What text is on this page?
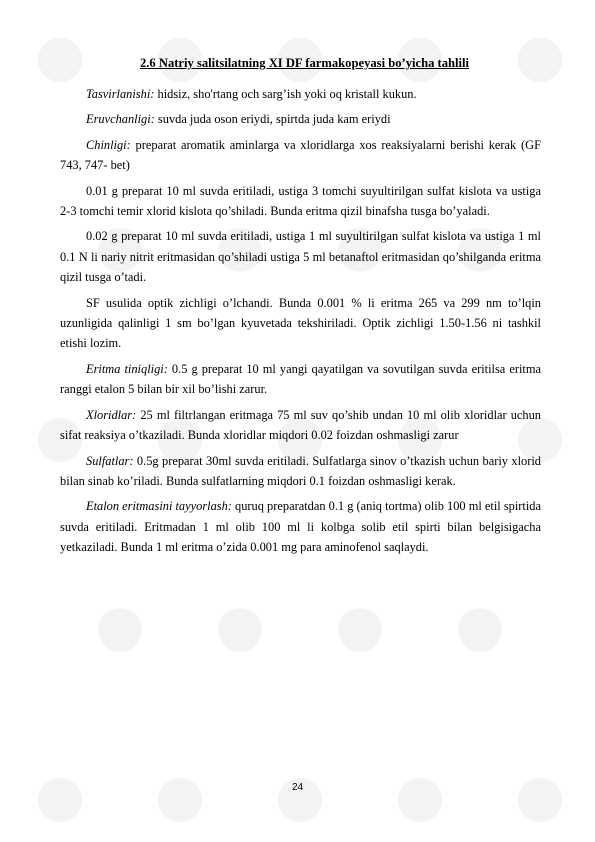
2.6 Natriy salitsilatning XI DF farmakopeyasi bo’yicha tahlili

Tasvirlanishi: hidsiz, sho'rtang och sarg’ish yoki oq kristall kukun.

Eruvchanligi: suvda juda oson eriydi, spirtda juda kam eriydi

Chinligi: preparat aromatik aminlarga va xloridlarga xos reaksiyalarni berishi kerak (GF 743, 747- bet)

0.01 g preparat 10 ml suvda eritiladi, ustiga 3 tomchi suyultirilgan sulfat kislota va ustiga 2-3 tomchi temir xlorid kislota qo’shiladi. Bunda eritma qizil binafsha tusga bo’yaladi.

0.02 g preparat 10 ml suvda eritiladi, ustiga 1 ml suyultirilgan sulfat kislota va ustiga 1 ml 0.1 N li nariy nitrit eritmasidan qo’shiladi ustiga 5 ml betanaftol eritmasidan qo’shilganda eritma qizil tusga o’tadi.

SF usulida optik zichligi o’lchandi. Bunda 0.001 % li eritma 265 va 299 nm to’lqin uzunligida qalinligi 1 sm bo’lgan kyuvetada tekshiriladi. Optik zichligi 1.50-1.56 ni tashkil etishi lozim.

Eritma tiniqligi: 0.5 g preparat 10 ml yangi qayatilgan va sovutilgan suvda eritilsa eritma ranggi etalon 5 bilan bir xil bo’lishi zarur.

Xloridlar: 25 ml filtrlangan eritmaga 75 ml suv qo’shib undan 10 ml olib xloridlar uchun sifat reaksiya o’tkaziladi. Bunda xloridlar miqdori 0.02 foizdan oshmasligi zarur

Sulfatlar: 0.5g preparat 30ml suvda eritiladi. Sulfatlarga sinov o’tkazish uchun bariy xlorid bilan sinab ko’riladi. Bunda sulfatlarning miqdori 0.1 foizdan oshmasligi kerak.

Etalon eritmasini tayyorlash: quruq preparatdan 0.1 g (aniq tortma) olib 100 ml etil spirtida suvda eritiladi. Eritmadan 1 ml olib 100 ml li kolbga solib etil spirti bilan belgisigacha yetkaziladi. Bunda 1 ml eritma o’zida 0.001 mg para aminofenol saqlaydi.

24
